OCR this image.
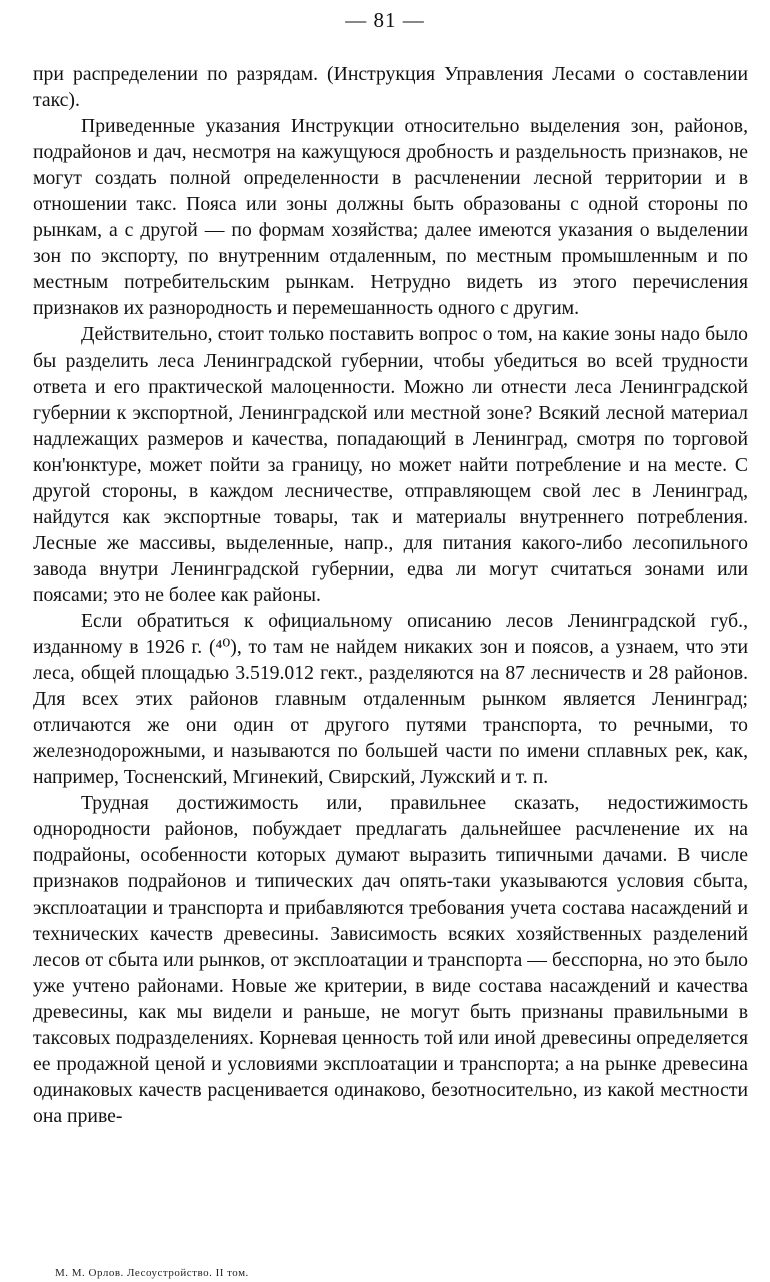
— 81 —

при распределении по разрядам. (Инструкция Управления Лесами о составлении такс).

Приведенные указания Инструкции относительно выделения зон, районов, подрайонов и дач, несмотря на кажущуюся дробность и раздельность признаков, не могут создать полной определенности в расчленении лесной территории и в отношении такс. Пояса или зоны должны быть образованы с одной стороны по рынкам, а с другой — по формам хозяйства; далее имеются указания о выделении зон по экспорту, по внутренним отдаленным, по местным промышленным и по местным потребительским рынкам. Нетрудно видеть из этого перечисления признаков их разнородность и перемешанность одного с другим.

Действительно, стоит только поставить вопрос о том, на какие зоны надо было бы разделить леса Ленинградской губернии, чтобы убедиться во всей трудности ответа и его практической малоценности. Можно ли отнести леса Ленинградской губернии к экспортной, Ленинградской или местной зоне? Всякий лесной материал надлежащих размеров и качества, попадающий в Ленинград, смотря по торговой кон'юнктуре, может пойти за границу, но может найти потребление и на месте. С другой стороны, в каждом лесничестве, отправляющем свой лес в Ленинград, найдутся как экспортные товары, так и материалы внутреннего потребления. Лесные же массивы, выделенные, напр., для питания какого-либо лесопильного завода внутри Ленинградской губернии, едва ли могут считаться зонами или поясами; это не более как районы.

Если обратиться к официальному описанию лесов Ленинградской губ., изданному в 1926 г. (⁴⁰), то там не найдем никаких зон и поясов, а узнаем, что эти леса, общей площадью 3.519.012 гект., разделяются на 87 лесничеств и 28 районов. Для всех этих районов главным отдаленным рынком является Ленинград; отличаются же они один от другого путями транспорта, то речными, то железнодорожными, и называются по большей части по имени сплавных рек, как, например, Тосненский, Мгинекий, Свирский, Лужский и т. п.

Трудная достижимость или, правильнее сказать, недостижимость однородности районов, побуждает предлагать дальнейшее расчленение их на подрайоны, особенности которых думают выразить типичными дачами. В числе признаков подрайонов и типических дач опять-таки указываются условия сбыта, эксплоатации и транспорта и прибавляются требования учета состава насаждений и технических качеств древесины. Зависимость всяких хозяйственных разделений лесов от сбыта или рынков, от эксплоатации и транспорта — бесспорна, но это было уже учтено районами. Новые же критерии, в виде состава насаждений и качества древесины, как мы видели и раньше, не могут быть признаны правильными в таксовых подразделениях. Корневая ценность той или иной древесины определяется ее продажной ценой и условиями эксплоатации и транспорта; а на рынке древесина одинаковых качеств расценивается одинаково, безотносительно, из какой местности она приве-

М. М. Орлов. Лесоустройство. II том.
